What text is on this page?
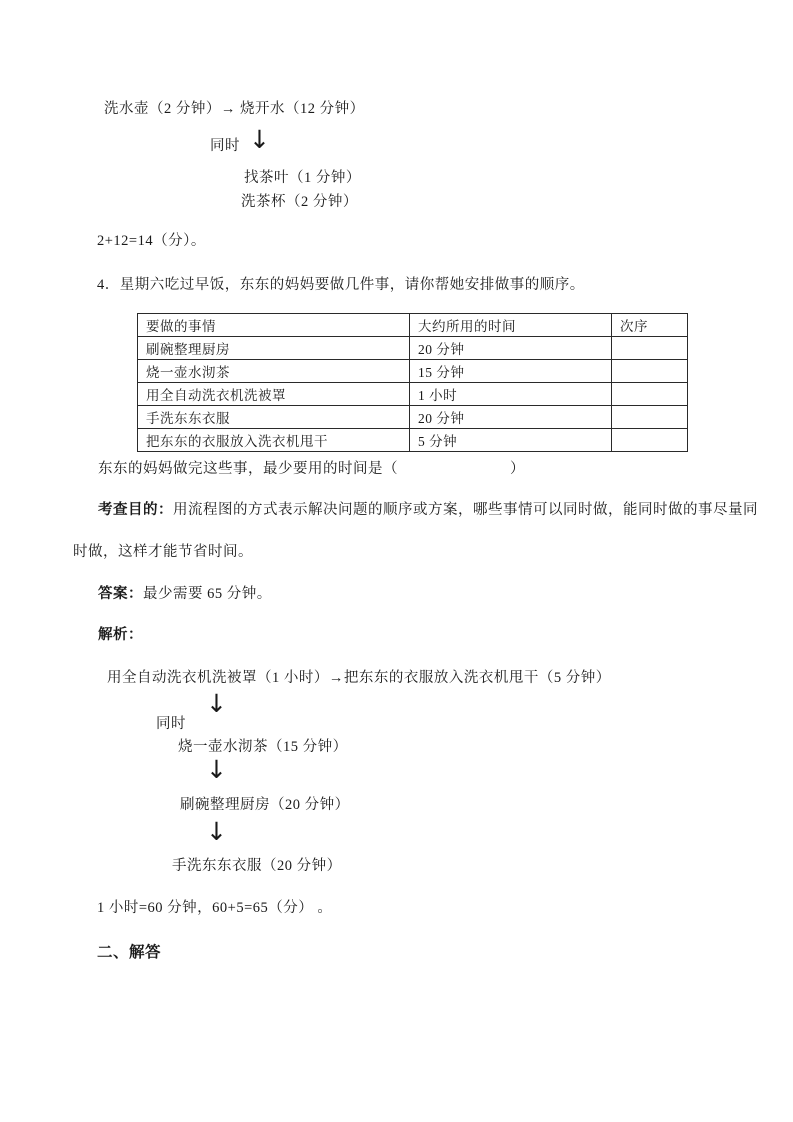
洗水壶（2 分钟）→ 烧开水（12 分钟）
同时 ↓
找茶叶（1 分钟）
洗茶杯（2 分钟）
2+12=14（分）。
4．星期六吃过早饭，东东的妈妈要做几件事，请你帮她安排做事的顺序。
要做的事情	大约所用的时间	次序
刷碗整理厨房	20 分钟	
烧一壶水沏茶	15 分钟	
用全自动洗衣机洗被罩	1 小时	
手洗东东衣服	20 分钟	
把东东的衣服放入洗衣机甩干	5 分钟	
东东的妈妈做完这些事，最少要用的时间是（	）
考查目的：用流程图的方式表示解决问题的顺序或方案，哪些事情可以同时做，能同时做的事尽量同
时做，这样才能节省时间。
答案：最少需要 65 分钟。
解析：
用全自动洗衣机洗被罩（1 小时）→把东东的衣服放入洗衣机甩干（5 分钟）
↓
同时
烧一壶水沏茶（15 分钟）
↓
刷碗整理厨房（20 分钟）
↓
手洗东东衣服（20 分钟）
1 小时=60 分钟，60+5=65（分） 。
二、解答
